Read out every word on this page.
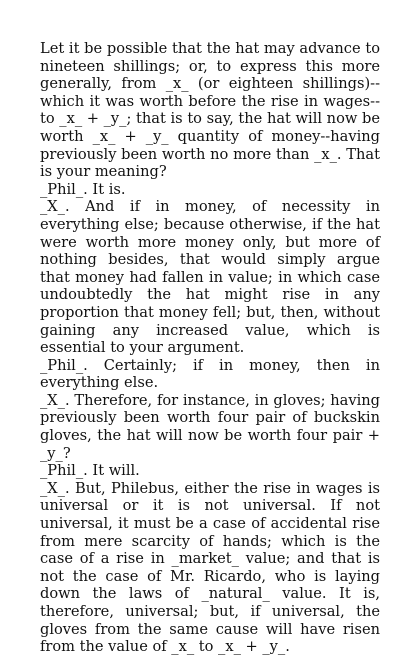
Let it be possible that the hat may advance to nineteen shillings; or, to express this more generally, from _x_ (or eighteen shillings)-- which it was worth before the rise in wages--to _x_ + _y_; that is to say, the hat will now be worth _x_ + _y_ quantity of money--having previously been worth no more than _x_. That is your meaning?

_Phil_. It is.

_X_. And if in money, of necessity in everything else; because otherwise, if the hat were worth more money only, but more of nothing besides, that would simply argue that money had fallen in value; in which case undoubtedly the hat might rise in any proportion that money fell; but, then, without gaining any increased value, which is essential to your argument.

_Phil_. Certainly; if in money, then in everything else.

_X_. Therefore, for instance, in gloves; having previously been worth four pair of buckskin gloves, the hat will now be worth four pair + _y_?

_Phil_. It will.

_X_. But, Philebus, either the rise in wages is universal or it is not universal. If not universal, it must be a case of accidental rise from mere scarcity of hands; which is the case of a rise in _market_ value; and that is not the case of Mr. Ricardo, who is laying down the laws of _natural_ value. It is, therefore, universal; but, if universal, the gloves from the same cause will have risen from the value of _x_ to _x_ + _y_.
